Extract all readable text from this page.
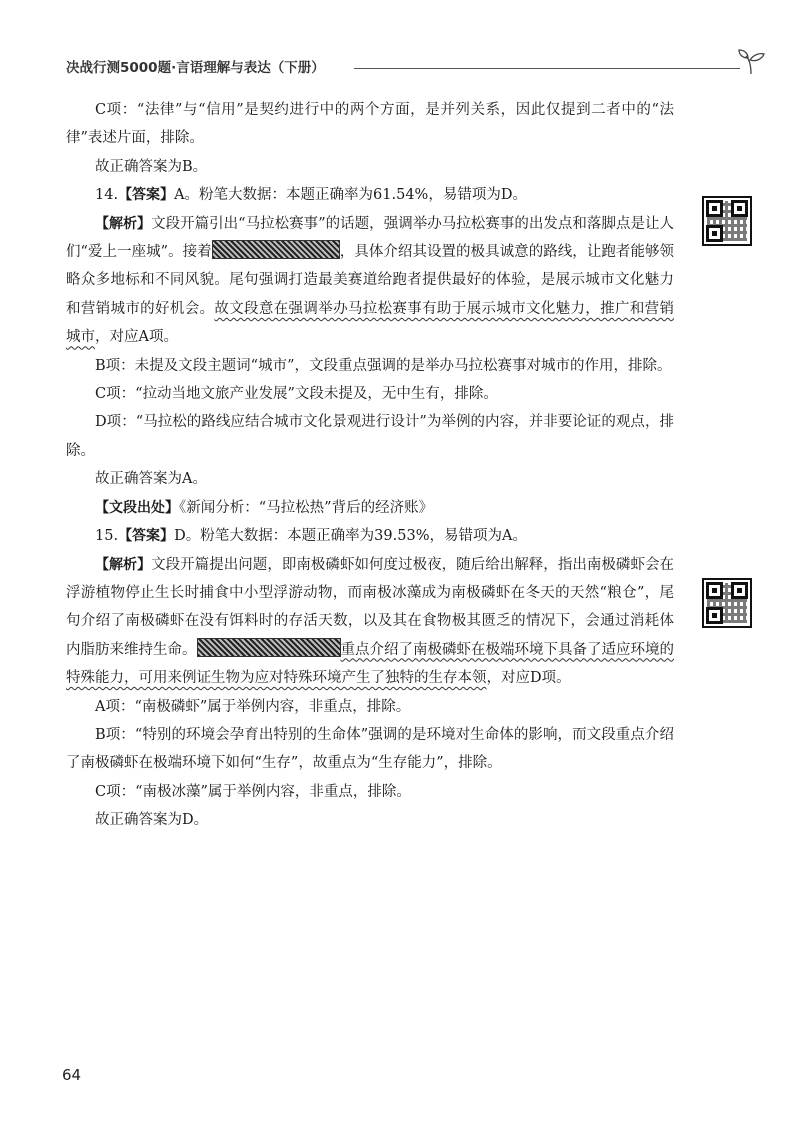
决战行测5000题·言语理解与表达（下册）

C项：“法律”与“信用”是契约进行中的两个方面，是并列关系，因此仅提到二者中的“法律”表述片面，排除。

故正确答案为B。

14.【答案】A。粉笔大数据：本题正确率为61.54%，易错项为D。

【解析】文段开篇引出“马拉松赛事”的话题，强调举办马拉松赛事的出发点和落脚点是让人们“爱上一座城”。接着	，具体介绍其设置的极具诚意的路线，让跑者能够领略众多地标和不同风貌。尾句强调打造最美赛道给跑者提供最好的体验，是展示城市文化魅力和营销城市的好机会。故文段意在强调举办马拉松赛事有助于展示城市文化魅力，推广和营销城市，对应A项。

B项：未提及文段主题词“城市”，文段重点强调的是举办马拉松赛事对城市的作用，排除。

C项：“拉动当地文旅产业发展”文段未提及，无中生有，排除。

D项：“马拉松的路线应结合城市文化景观进行设计”为举例的内容，并非要论证的观点，排除。

故正确答案为A。

【文段出处】《新闻分析：“马拉松热”背后的经济账》

15.【答案】D。粉笔大数据：本题正确率为39.53%，易错项为A。

【解析】文段开篇提出问题，即南极磷虾如何度过极夜，随后给出解释，指出南极磷虾会在浮游植物停止生长时捕食中小型浮游动物，而南极冰藻成为南极磷虾在冬天的天然“粮仓”，尾句介绍了南极磷虾在没有饵料时的存活天数，以及其在食物极其匮乏的情况下，会通过消耗体内脂肪来维持生命。	重点介绍了南极磷虾在极端环境下具备了适应环境的特殊能力，可用来例证生物为应对特殊环境产生了独特的生存本领，对应D项。

A项：“南极磷虾”属于举例内容，非重点，排除。

B项：“特别的环境会孕育出特别的生命体”强调的是环境对生命体的影响，而文段重点介绍了南极磷虾在极端环境下如何“生存”，故重点为“生存能力”，排除。

C项：“南极冰藻”属于举例内容，非重点，排除。

故正确答案为D。

64
